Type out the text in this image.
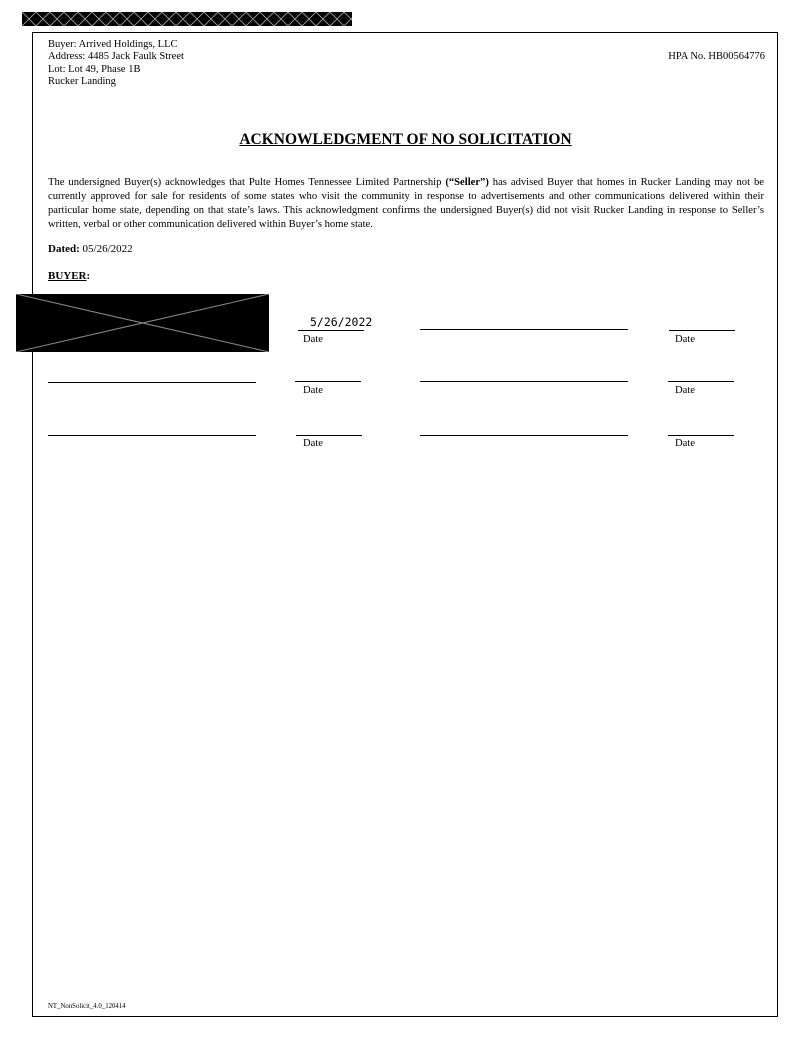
Buyer: Arrived Holdings, LLC
Address: 4485 Jack Faulk Street
Lot: Lot 49, Phase 1B
Rucker Landing
HPA No. HB00564776
ACKNOWLEDGMENT OF NO SOLICITATION
The undersigned Buyer(s) acknowledges that Pulte Homes Tennessee Limited Partnership (“Seller”) has advised Buyer that homes in Rucker Landing may not be currently approved for sale for residents of some states who visit the community in response to advertisements and other communications delivered within their particular home state, depending on that state’s laws. This acknowledgment confirms the undersigned Buyer(s) did not visit Rucker Landing in response to Seller’s written, verbal or other communication delivered within Buyer’s home state.
Dated: 05/26/2022
BUYER:
5/26/2022
Date	Date
Date	Date
Date	Date
NT_NonSolicit_4.0_120414
